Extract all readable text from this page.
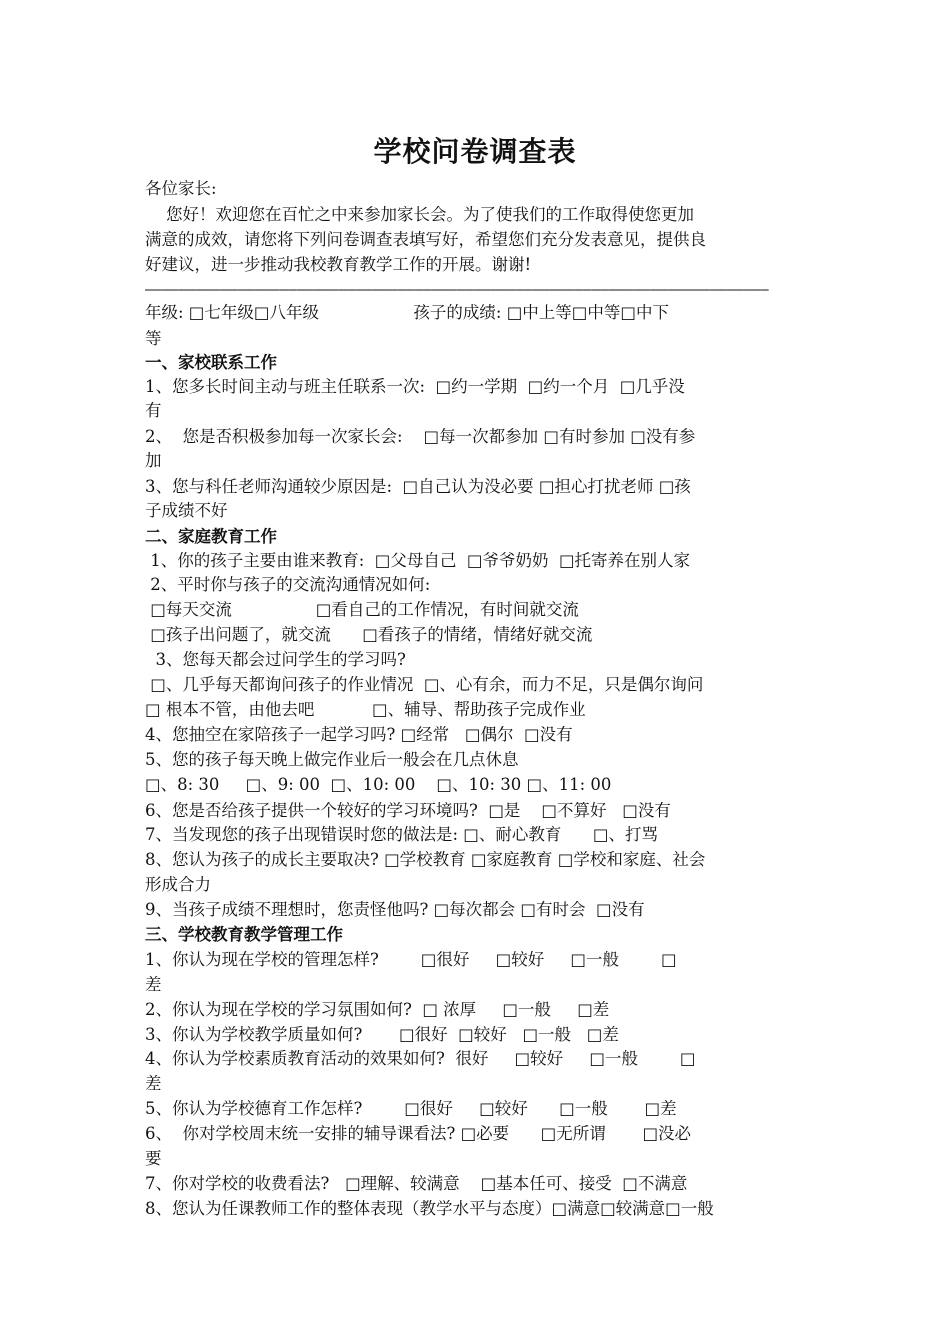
学校问卷调查表
各位家长:
您好！欢迎您在百忙之中来参加家长会。为了使我们的工作取得使您更加
满意的成效，请您将下列问卷调查表填写好，希望您们充分发表意见，提供良
好建议，进一步推动我校教育教学工作的开展。谢谢!
——————————————————————————————————————————————————————————————————————————
年级: □七年级□八年级                  孩子的成绩: □中上等□中等□中下
等
一、家校联系工作
1、您多长时间主动与班主任联系一次:  □约一学期  □约一个月  □几乎没
有
2、  您是否积极参加每一次家长会:    □每一次都参加 □有时参加 □没有参
加
3、您与科任老师沟通较少原因是:  □自己认为没必要 □担心打扰老师 □孩
子成绩不好
二、家庭教育工作
1、你的孩子主要由谁来教育:  □父母自己  □爷爷奶奶  □托寄养在别人家
2、平时你与孩子的交流沟通情况如何:
□每天交流                □看自己的工作情况，有时间就交流
□孩子出问题了，就交流      □看孩子的情绪，情绪好就交流
3、您每天都会过问学生的学习吗?
□、几乎每天都询问孩子的作业情况  □、心有余，而力不足，只是偶尔询问
□ 根本不管，由他去吧           □、辅导、帮助孩子完成作业
4、您抽空在家陪孩子一起学习吗? □经常   □偶尔  □没有
5、您的孩子每天晚上做完作业后一般会在几点休息
□、8: 30     □、9: 00  □、10: 00    □、10: 30 □、11: 00
6、您是否给孩子提供一个较好的学习环境吗?  □是    □不算好   □没有
7、当发现您的孩子出现错误时您的做法是: □、耐心教育      □、打骂
8、您认为孩子的成长主要取决? □学校教育 □家庭教育 □学校和家庭、社会
形成合力
9、当孩子成绩不理想时，您责怪他吗? □每次都会 □有时会  □没有
三、学校教育教学管理工作
1、你认为现在学校的管理怎样?        □很好     □较好     □一般        □
差
2、你认为现在学校的学习氛围如何?  □ 浓厚     □一般     □差
3、你认为学校教学质量如何?       □很好  □较好   □一般   □差
4、你认为学校素质教育活动的效果如何?  很好     □较好     □一般        □
差
5、你认为学校德育工作怎样?        □很好     □较好      □一般       □差
6、  你对学校周末统一安排的辅导课看法? □必要      □无所谓       □没必
要
7、你对学校的收费看法?   □理解、较满意    □基本任可、接受  □不满意
8、您认为任课教师工作的整体表现（教学水平与态度）□满意□较满意□一般
